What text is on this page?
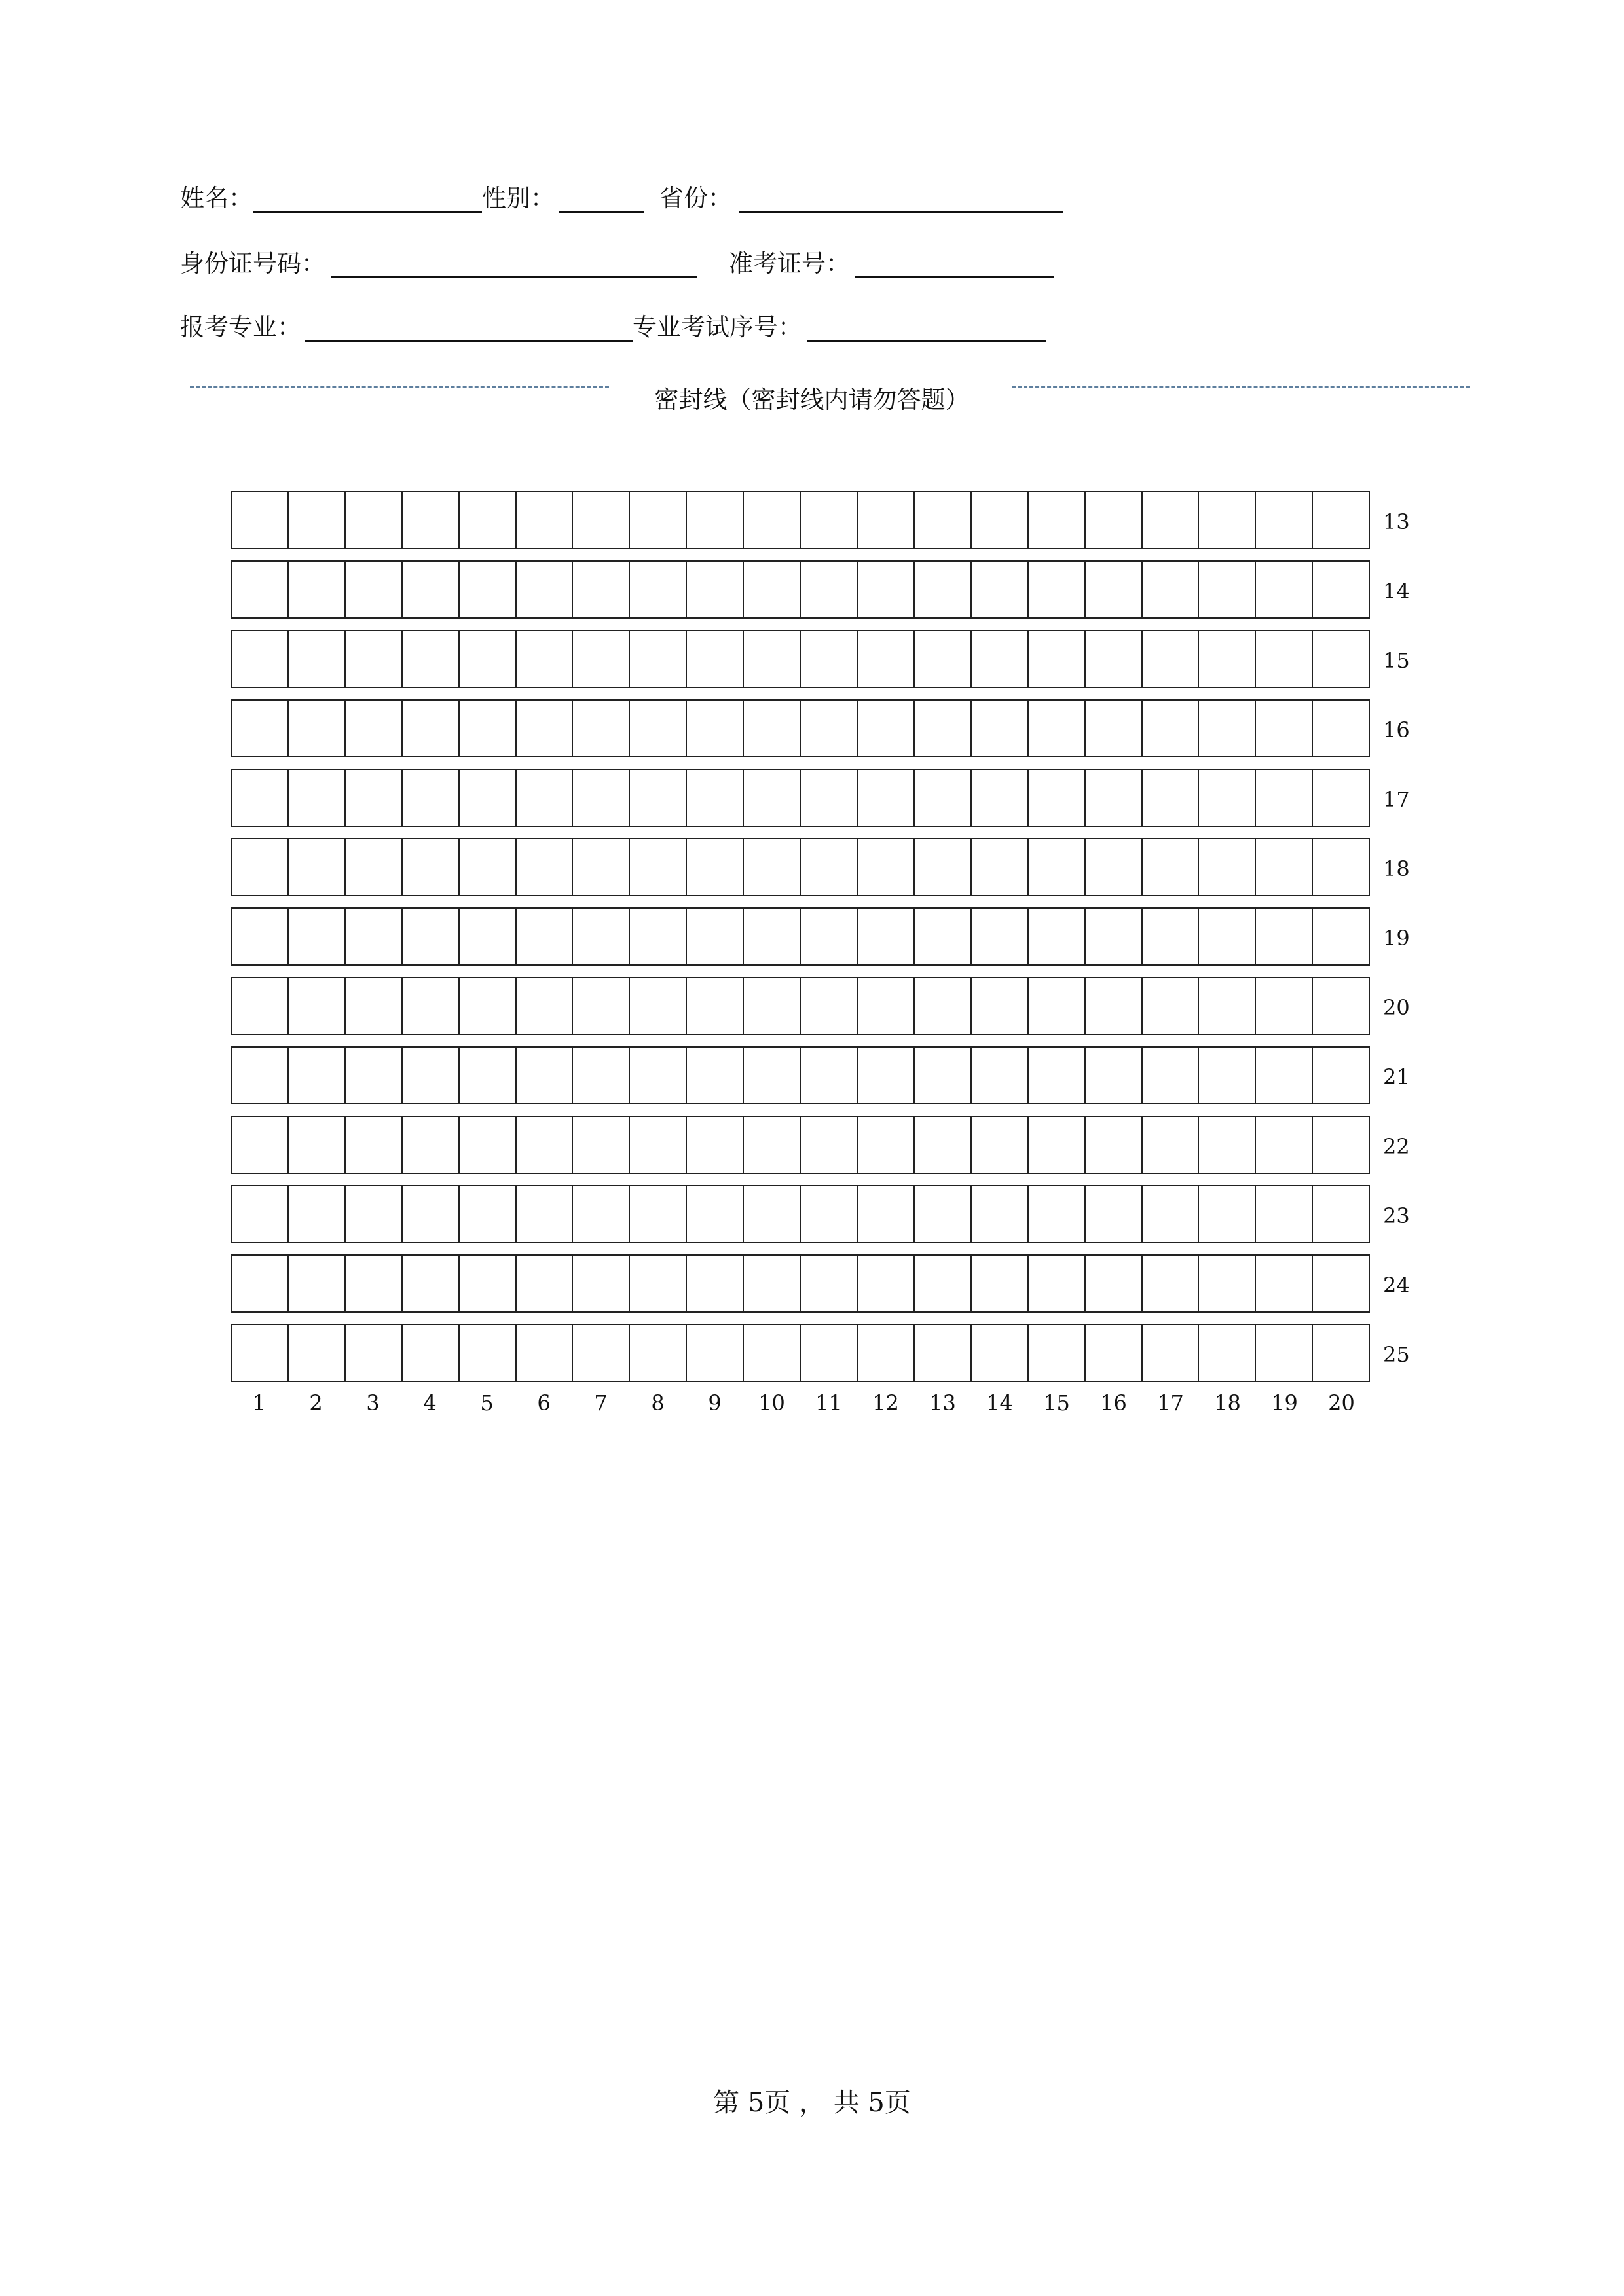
姓名：	性别：	省份：
身份证号码：	准考证号：
报考专业：	专业考试序号：
密封线（密封线内请勿答题）
13
14
15
16
17
18
19
20
21
22
23
24
25
1	2	3	4	5	6	7	8	9	10	11	12	13	14	15	16	17	18	19	20
第 5页 ， 共 5页
